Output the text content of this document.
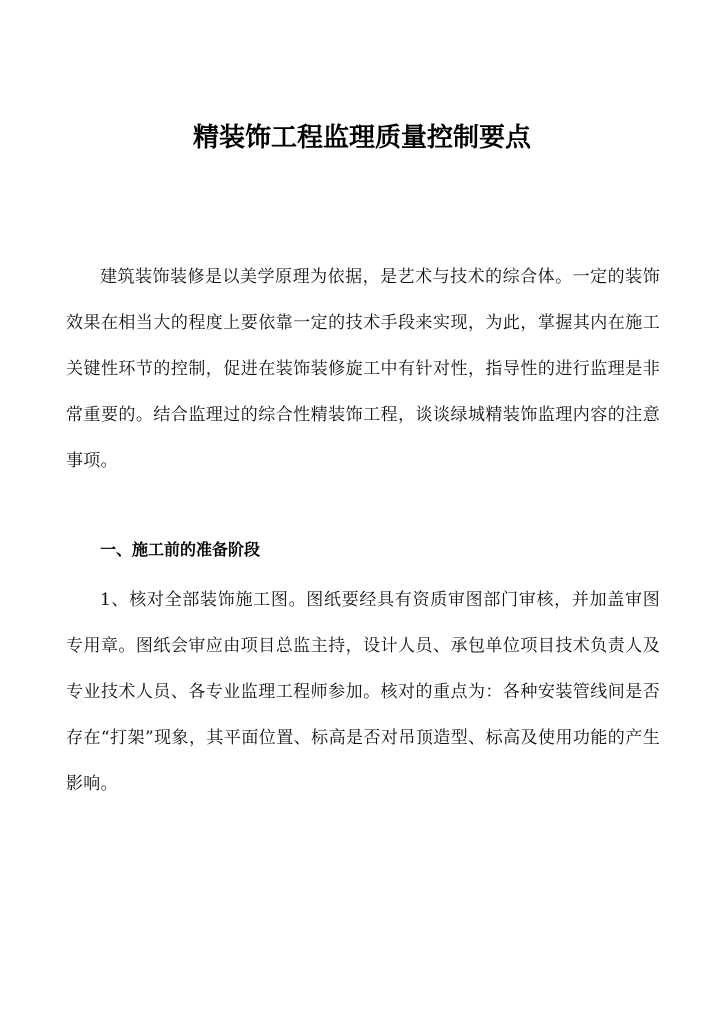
精装饰工程监理质量控制要点

建筑装饰装修是以美学原理为依据，是艺术与技术的综合体。一定的装饰效果在相当大的程度上要依靠一定的技术手段来实现，为此，掌握其内在施工关键性环节的控制，促进在装饰装修旋工中有针对性，指导性的进行监理是非常重要的。结合监理过的综合性精装饰工程，谈谈绿城精装饰监理内容的注意事项。

一、施工前的准备阶段

1、核对全部装饰施工图。图纸要经具有资质审图部门审核，并加盖审图专用章。图纸会审应由项目总监主持，设计人员、承包单位项目技术负责人及专业技术人员、各专业监理工程师参加。核对的重点为：各种安装管线间是否存在“打架”现象，其平面位置、标高是否对吊顶造型、标高及使用功能的产生影响。
